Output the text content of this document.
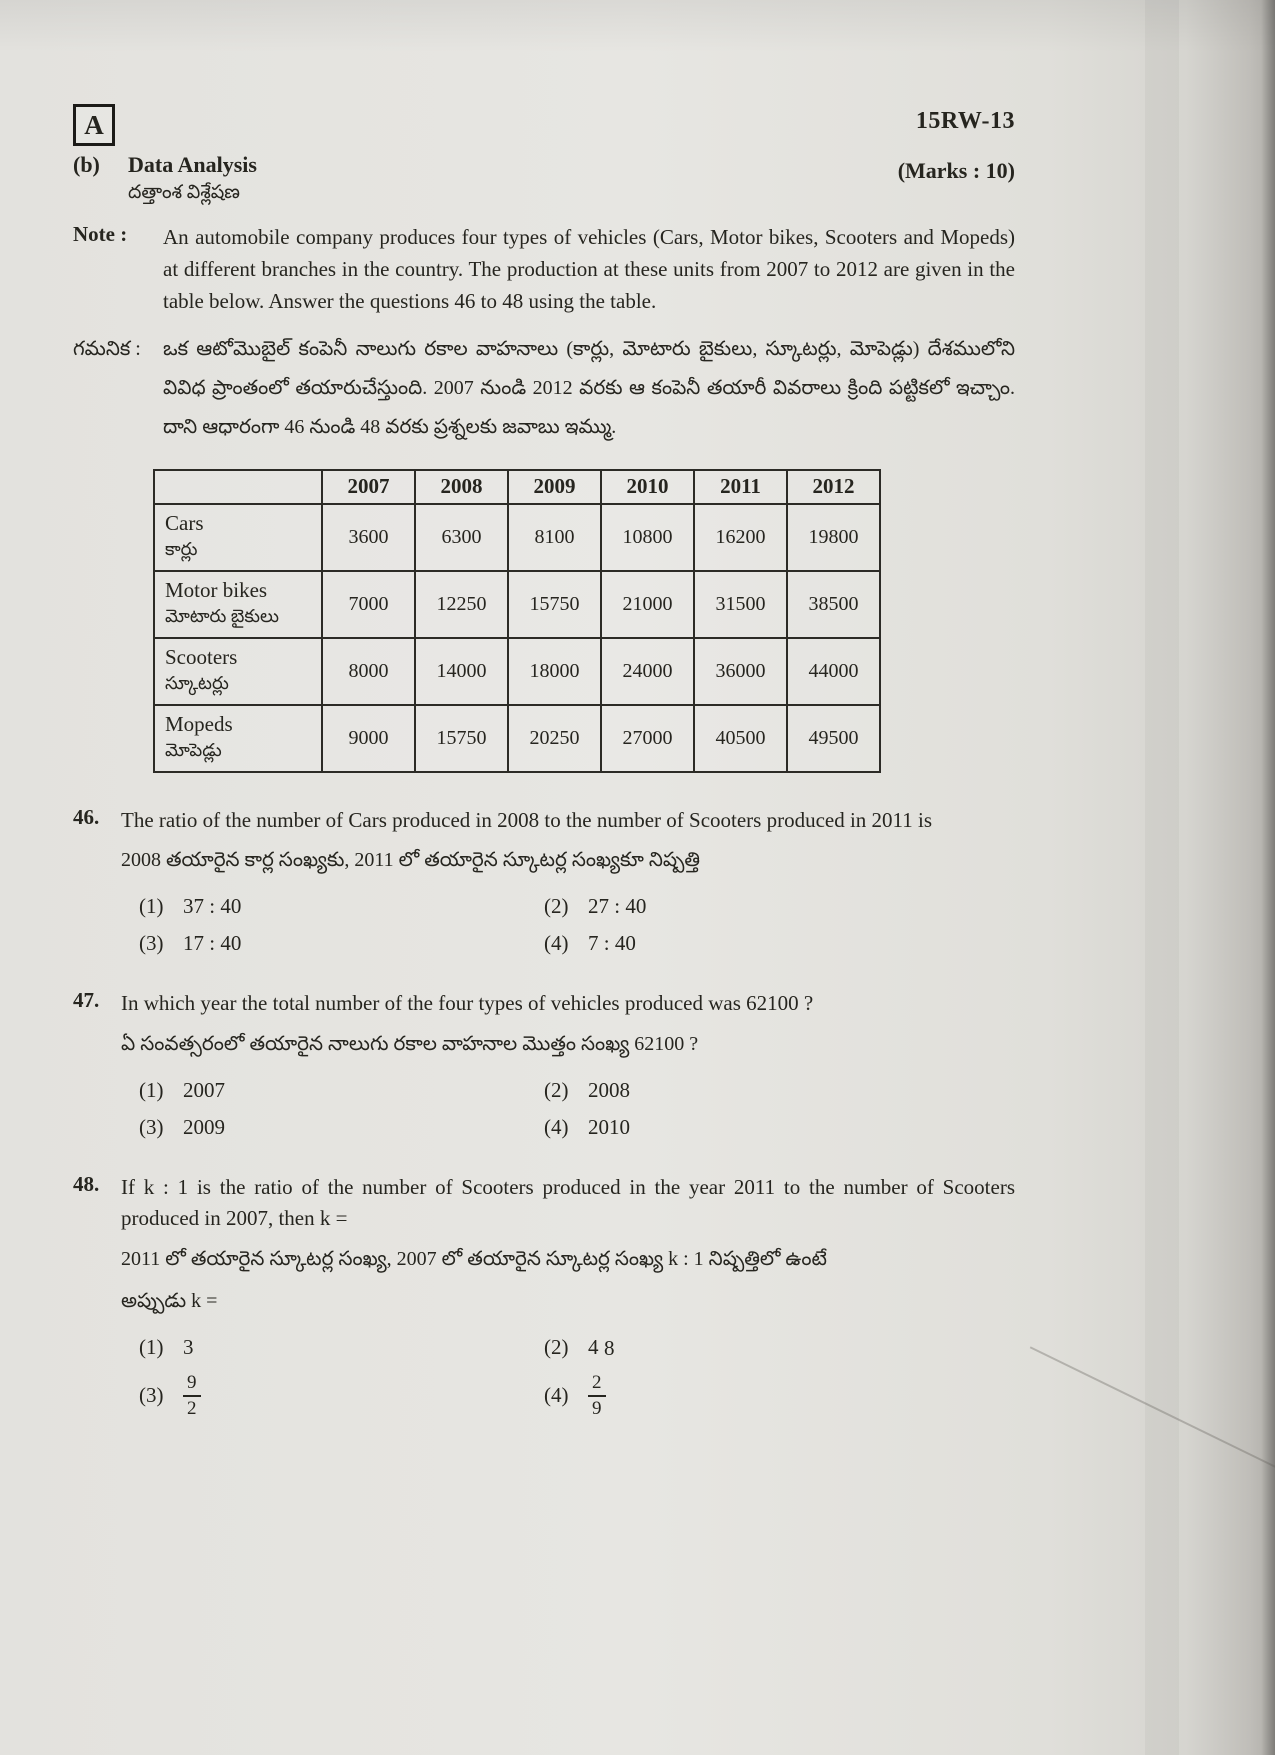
A	15RW-13
(b)	Data Analysis
దత్తాంశ విశ్లేషణ
(Marks : 10)
Note :	An automobile company produces four types of vehicles (Cars, Motor bikes, Scooters and Mopeds) at different branches in the country. The production at these units from 2007 to 2012 are given in the table below. Answer the questions 46 to 48 using the table.
గమనిక :	ఒక ఆటోమొబైల్ కంపెనీ నాలుగు రకాల వాహనాలు (కార్లు, మోటారు బైకులు, స్కూటర్లు, మోపెడ్లు) దేశములోని వివిధ ప్రాంతంలో తయారుచేస్తుంది. 2007 నుండి 2012 వరకు ఆ కంపెనీ తయారీ వివరాలు క్రింది పట్టికలో ఇచ్చాం. దాని ఆధారంగా 46 నుండి 48 వరకు ప్రశ్నలకు జవాబు ఇమ్ము.
	2007	2008	2009	2010	2011	2012

Cars
కార్లు	3600	6300	8100	10800	16200	19800

Motor bikes
మోటారు బైకులు	7000	12250	15750	21000	31500	38500

Scooters
స్కూటర్లు	8000	14000	18000	24000	36000	44000

Mopeds
మోపెడ్లు	9000	15750	20250	27000	40500	49500
46.	The ratio of the number of Cars produced in 2008 to the number of Scooters produced in 2011 is
2008 తయారైన కార్ల సంఖ్యకు, 2011 లో తయారైన స్కూటర్ల సంఖ్యకూ నిష్పత్తి
(1) 37 : 40	(2) 27 : 40
(3) 17 : 40	(4) 7 : 40
47.	In which year the total number of the four types of vehicles produced was 62100 ?
ఏ సంవత్సరంలో తయారైన నాలుగు రకాల వాహనాల మొత్తం సంఖ్య 62100 ?
(1) 2007	(2) 2008
(3) 2009	(4) 2010
48.	If k : 1 is the ratio of the number of Scooters produced in the year 2011 to the number of Scooters produced in 2007, then k =
2011 లో తయారైన స్కూటర్ల సంఖ్య, 2007 లో తయారైన స్కూటర్ల సంఖ్య k : 1 నిష్పత్తిలో ఉంటే
అప్పుడు k =
(1) 3	(2) 4
(3)	$\frac{9}{2}$	(4)	$\frac{2}{9}$
8
